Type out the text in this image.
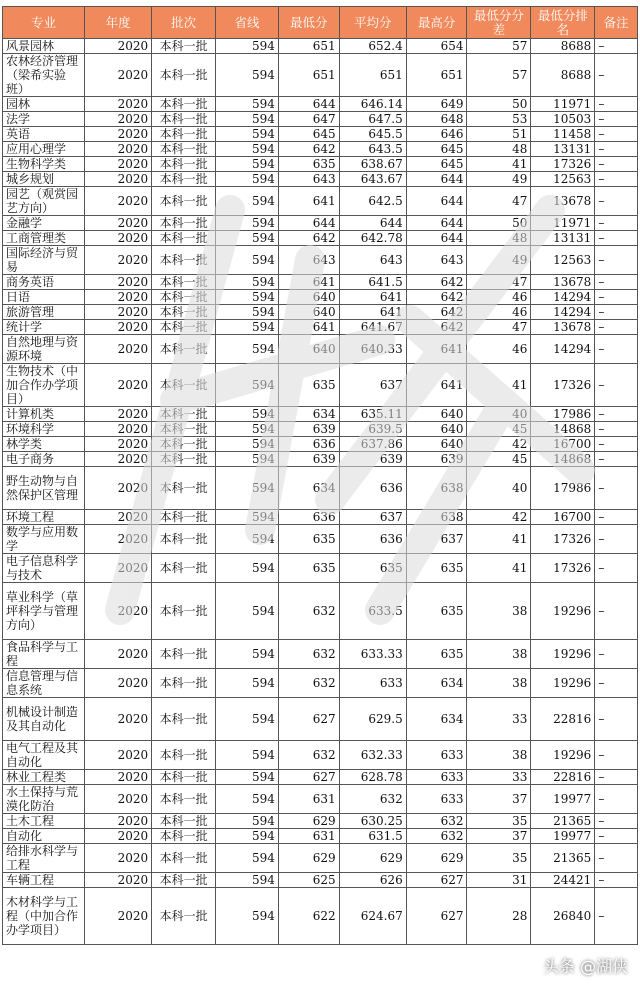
专业	年度	批次	省线	最低分	平均分	最高分	最低分分差	最低分排名	备注
风景园林	2020	本科一批	594	651	652.4	654	57	8688	–
农林经济管理（梁希实验班）	2020	本科一批	594	651	651	651	57	8688	–
园林	2020	本科一批	594	644	646.14	649	50	11971	–
法学	2020	本科一批	594	647	647.5	648	53	10503	–
英语	2020	本科一批	594	645	645.5	646	51	11458	–
应用心理学	2020	本科一批	594	642	643.5	645	48	13131	–
生物科学类	2020	本科一批	594	635	638.67	645	41	17326	–
城乡规划	2020	本科一批	594	643	643.67	644	49	12563	–
园艺（观赏园艺方向）	2020	本科一批	594	641	642.5	644	47	13678	–
金融学	2020	本科一批	594	644	644	644	50	11971	–
工商管理类	2020	本科一批	594	642	642.78	644	48	13131	–
国际经济与贸易	2020	本科一批	594	643	643	643	49	12563	–
商务英语	2020	本科一批	594	641	641.5	642	47	13678	–
日语	2020	本科一批	594	640	641	642	46	14294	–
旅游管理	2020	本科一批	594	640	641	642	46	14294	–
统计学	2020	本科一批	594	641	641.67	642	47	13678	–
自然地理与资源环境	2020	本科一批	594	640	640.33	641	46	14294	–
生物技术（中加合作办学项目）	2020	本科一批	594	635	637	641	41	17326	–
计算机类	2020	本科一批	594	634	635.11	640	40	17986	–
环境科学	2020	本科一批	594	639	639.5	640	45	14868	–
林学类	2020	本科一批	594	636	637.86	640	42	16700	–
电子商务	2020	本科一批	594	639	639	639	45	14868	–
野生动物与自然保护区管理	2020	本科一批	594	634	636	638	40	17986	–
环境工程	2020	本科一批	594	636	637	638	42	16700	–
数学与应用数学	2020	本科一批	594	635	636	637	41	17326	–
电子信息科学与技术	2020	本科一批	594	635	635	635	41	17326	–
草业科学（草坪科学与管理方向）	2020	本科一批	594	632	633.5	635	38	19296	–
食品科学与工程	2020	本科一批	594	632	633.33	635	38	19296	–
信息管理与信息系统	2020	本科一批	594	632	633	634	38	19296	–
机械设计制造及其自动化	2020	本科一批	594	627	629.5	634	33	22816	–
电气工程及其自动化	2020	本科一批	594	632	632.33	633	38	19296	–
林业工程类	2020	本科一批	594	627	628.78	633	33	22816	–
水土保持与荒漠化防治	2020	本科一批	594	631	632	633	37	19977	–
土木工程	2020	本科一批	594	629	630.25	632	35	21365	–
自动化	2020	本科一批	594	631	631.5	632	37	19977	–
给排水科学与工程	2020	本科一批	594	629	629	629	35	21365	–
车辆工程	2020	本科一批	594	625	626	627	31	24421	–
木材科学与工程（中加合作办学项目）	2020	本科一批	594	622	624.67	627	28	26840	–
头条 @湖侠
